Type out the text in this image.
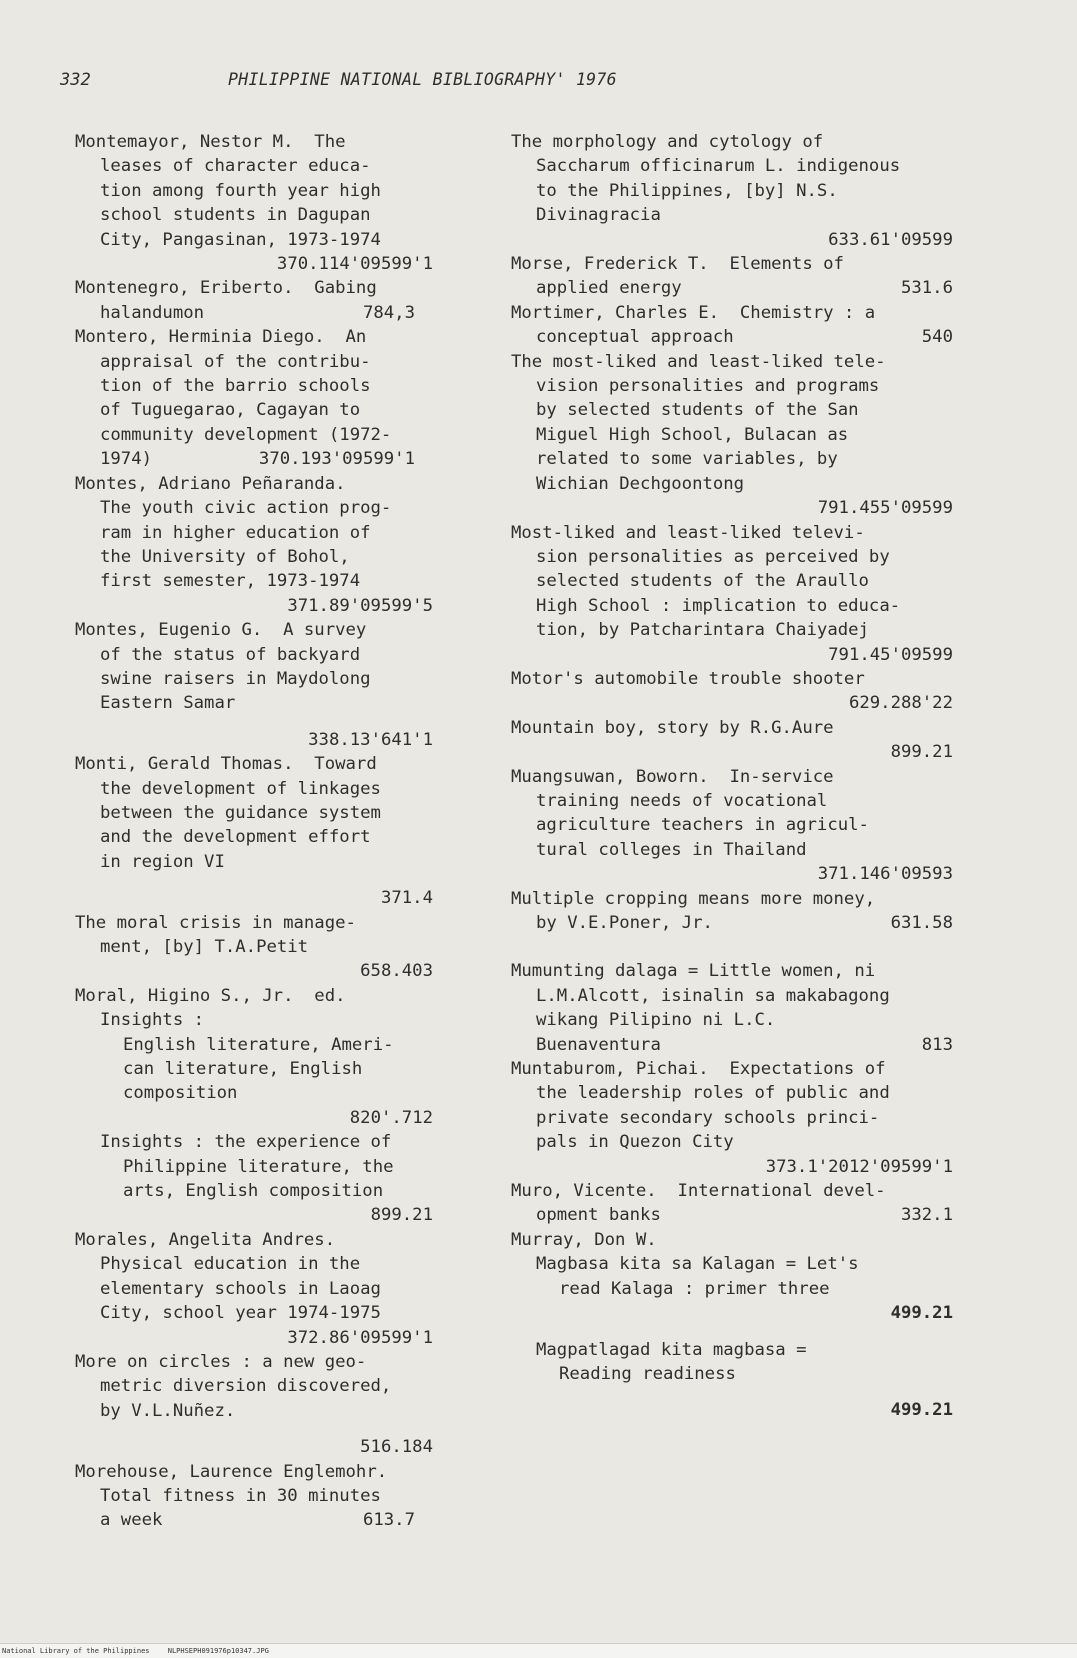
332	PHILIPPINE NATIONAL BIBLIOGRAPHY' 1976
Montemayor, Nestor M.  The
leases of character educa-
tion among fourth year high
school students in Dagupan
City, Pangasinan, 1973-1974
370.114'09599'1
Montenegro, Eriberto.  Gabing
halandumon	784,3
Montero, Herminia Diego.  An
appraisal of the contribu-
tion of the barrio schools
of Tuguegarao, Cagayan to
community development (1972-
1974)	370.193'09599'1
Montes, Adriano Peñaranda.
The youth civic action prog-
ram in higher education of
the University of Bohol,
first semester, 1973-1974
371.89'09599'5
Montes, Eugenio G.  A survey
of the status of backyard
swine raisers in Maydolong
Eastern Samar
338.13'641'1
Monti, Gerald Thomas.  Toward
the development of linkages
between the guidance system
and the development effort
in region VI
371.4
The moral crisis in manage-
ment, [by] T.A.Petit
658.403
Moral, Higino S., Jr.  ed.
Insights :
English literature, Ameri-
can literature, English
composition
820'.712
Insights : the experience of
Philippine literature, the
arts, English composition
899.21
Morales, Angelita Andres.
Physical education in the
elementary schools in Laoag
City, school year 1974-1975
372.86'09599'1
More on circles : a new geo-
metric diversion discovered,
by V.L.Nuñez.
516.184
Morehouse, Laurence Englemohr.
Total fitness in 30 minutes
a week	613.7
The morphology and cytology of
Saccharum officinarum L. indigenous
to the Philippines, [by] N.S.
Divinagracia
633.61'09599
Morse, Frederick T.  Elements of
applied energy	531.6
Mortimer, Charles E.  Chemistry : a
conceptual approach	540
The most-liked and least-liked tele-
vision personalities and programs
by selected students of the San
Miguel High School, Bulacan as
related to some variables, by
Wichian Dechgoontong
791.455'09599
Most-liked and least-liked televi-
sion personalities as perceived by
selected students of the Araullo
High School : implication to educa-
tion, by Patcharintara Chaiyadej
791.45'09599
Motor's automobile trouble shooter
629.288'22
Mountain boy, story by R.G.Aure
899.21
Muangsuwan, Boworn.  In-service
training needs of vocational
agriculture teachers in agricul-
tural colleges in Thailand
371.146'09593
Multiple cropping means more money,
by V.E.Poner, Jr.	631.58
Mumunting dalaga = Little women, ni
L.M.Alcott, isinalin sa makabagong
wikang Pilipino ni L.C.
Buenaventura	813
Muntaburom, Pichai.  Expectations of
the leadership roles of public and
private secondary schools princi-
pals in Quezon City
373.1'2012'09599'1
Muro, Vicente.  International devel-
opment banks	332.1
Murray, Don W.
Magbasa kita sa Kalagan = Let's
read Kalaga : primer three
499.21
Magpatlagad kita magbasa =
Reading readiness
499.21
National Library of the Philippines	NLPHSEPH091976p10347.JPG
